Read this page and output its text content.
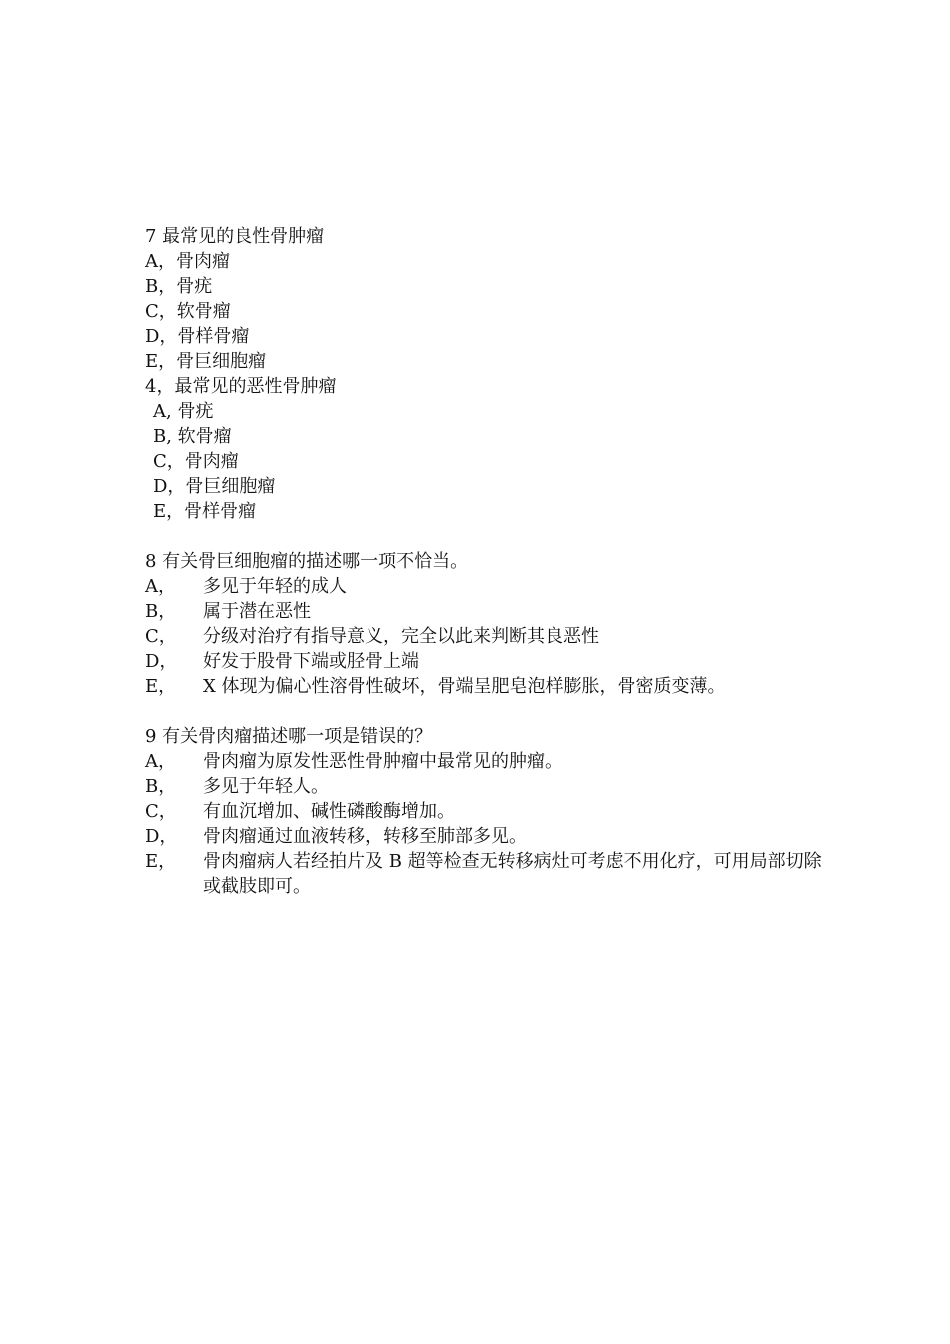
7 最常见的良性骨肿瘤
A，骨肉瘤
B，骨疣
C，软骨瘤
D，骨样骨瘤
E，骨巨细胞瘤
4，最常见的恶性骨肿瘤
A, 骨疣
B, 软骨瘤
C，骨肉瘤
D，骨巨细胞瘤
E，骨样骨瘤
8 有关骨巨细胞瘤的描述哪一项不恰当。
A，	多见于年轻的成人
B，	属于潜在恶性
C，	分级对治疗有指导意义，完全以此来判断其良恶性
D，	好发于股骨下端或胫骨上端
E，	X 体现为偏心性溶骨性破坏，骨端呈肥皂泡样膨胀，骨密质变薄。
9 有关骨肉瘤描述哪一项是错误的？
A，	骨肉瘤为原发性恶性骨肿瘤中最常见的肿瘤。
B，	多见于年轻人。
C，	有血沉增加、碱性磷酸酶增加。
D，	骨肉瘤通过血液转移，转移至肺部多见。
E，	骨肉瘤病人若经拍片及 B 超等检查无转移病灶可考虑不用化疗，可用局部切除或截肢即可。
